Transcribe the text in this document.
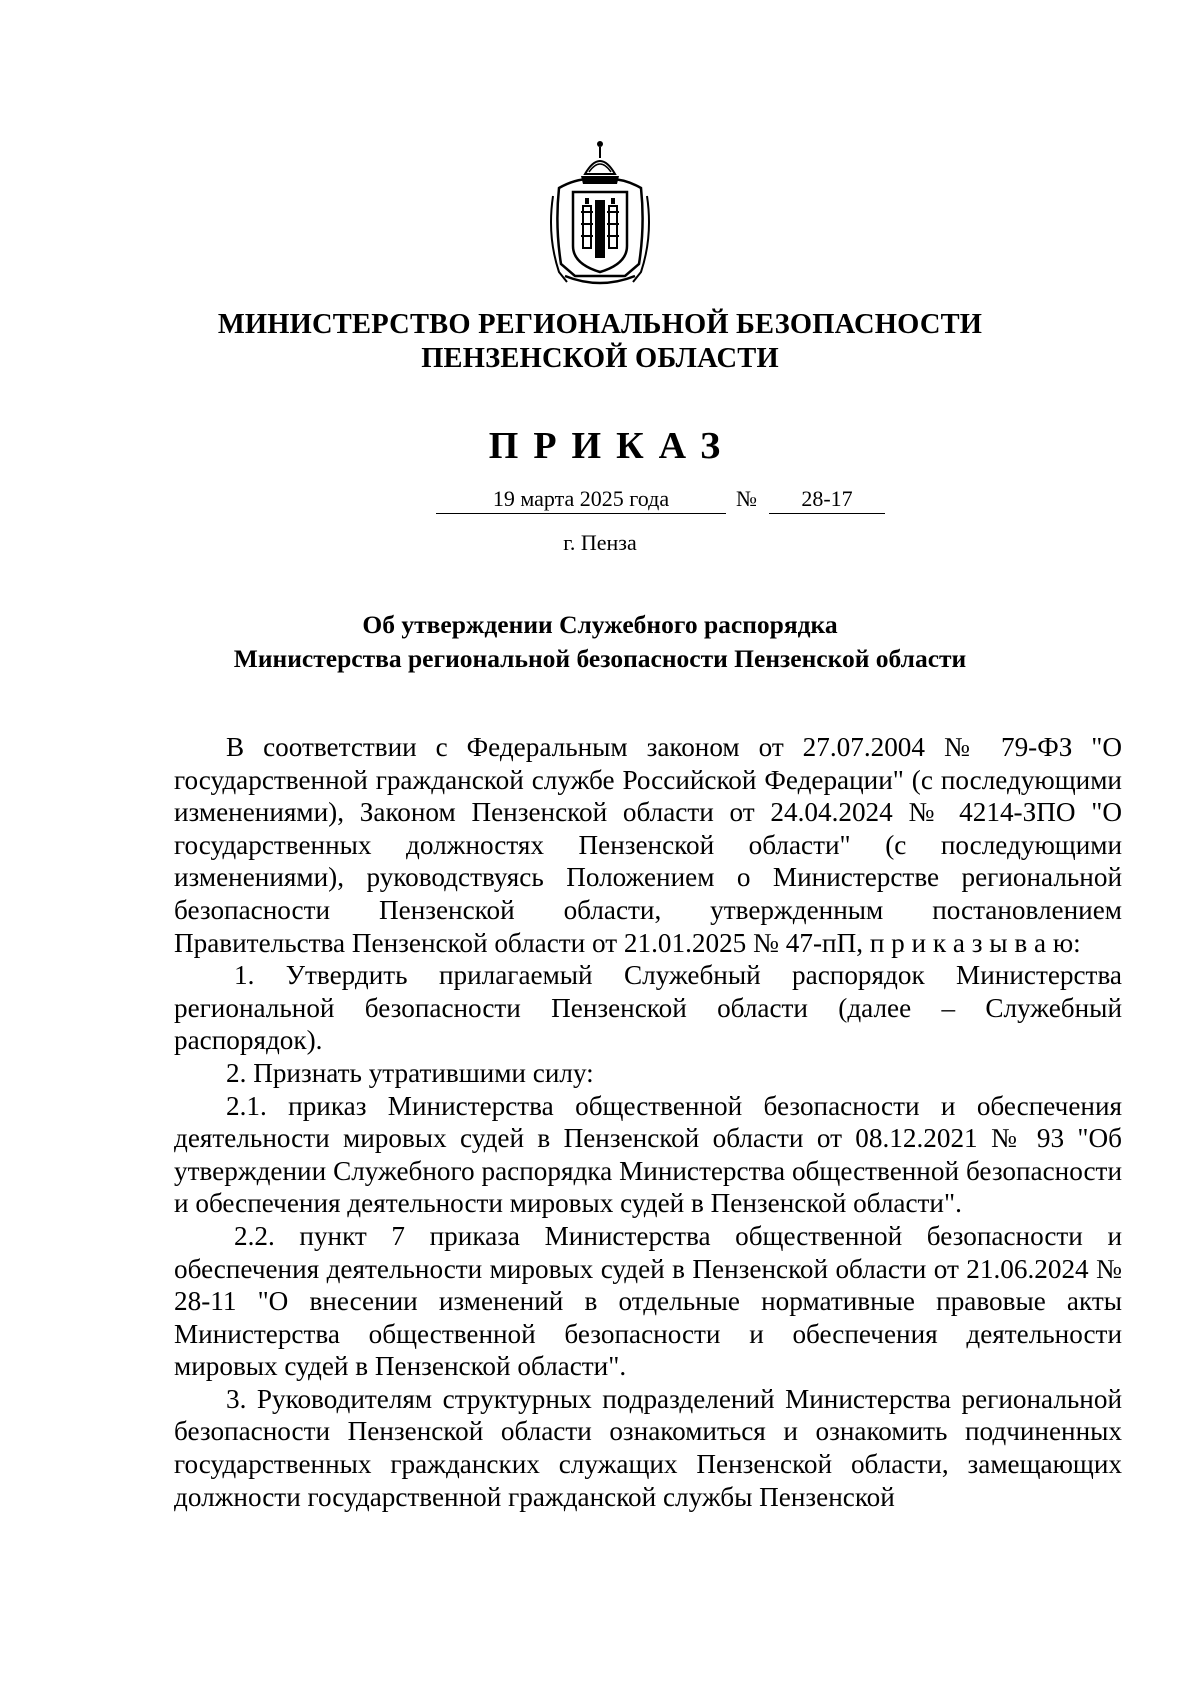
МИНИСТЕРСТВО РЕГИОНАЛЬНОЙ БЕЗОПАСНОСТИ
ПЕНЗЕНСКОЙ ОБЛАСТИ
ПРИКАЗ
19 марта 2025 года	№	28-17
г. Пенза
Об утверждении Служебного распорядка
Министерства региональной безопасности Пензенской области

В соответствии с Федеральным законом от 27.07.2004 № 79-ФЗ "О государственной гражданской службе Российской Федерации" (с последующими изменениями), Законом Пензенской области от 24.04.2024 № 4214-ЗПО "О государственных должностях Пензенской области" (с последующими изменениями), руководствуясь Положением о Министерстве региональной безопасности Пензенской области, утвержденным постановлением Правительства Пензенской области от 21.01.2025 № 47-пП, п р и к а з ы в а ю:

1. Утвердить прилагаемый Служебный распорядок Министерства региональной безопасности Пензенской области (далее – Служебный распорядок).

2. Признать утратившими силу:

2.1. приказ Министерства общественной безопасности и обеспечения деятельности мировых судей в Пензенской области от 08.12.2021 № 93 "Об утверждении Служебного распорядка Министерства общественной безопасности и обеспечения деятельности мировых судей в Пензенской области".

2.2. пункт 7 приказа Министерства общественной безопасности и обеспечения деятельности мировых судей в Пензенской области от 21.06.2024 № 28-11 "О внесении изменений в отдельные нормативные правовые акты Министерства общественной безопасности и обеспечения деятельности мировых судей в Пензенской области".

3. Руководителям структурных подразделений Министерства региональной безопасности Пензенской области ознакомиться и ознакомить подчиненных государственных гражданских служащих Пензенской области, замещающих должности государственной гражданской службы Пензенской
